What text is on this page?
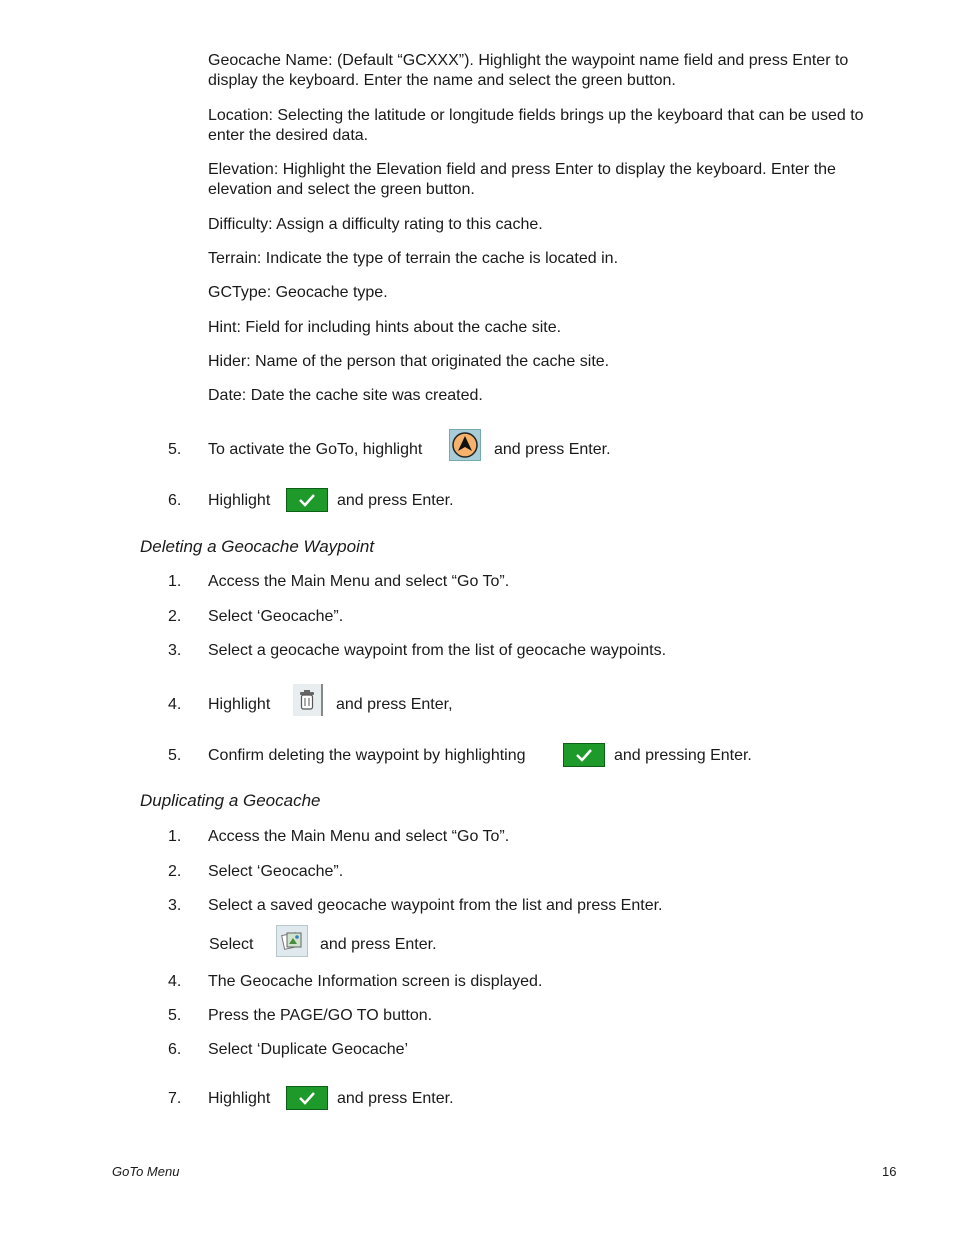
Geocache Name: (Default “GCXXX”). Highlight the waypoint name field and press Enter to display the keyboard. Enter the name and select the green button.
Location: Selecting the latitude or longitude fields brings up the keyboard that can be used to enter the desired data.
Elevation: Highlight the Elevation field and press Enter to display the keyboard. Enter the elevation and select the green button.
Difficulty: Assign a difficulty rating to this cache.
Terrain: Indicate the type of terrain the cache is located in.
GCType: Geocache type.
Hint: Field for including hints about the cache site.
Hider: Name of the person that originated the cache site.
Date: Date the cache site was created.
5. To activate the GoTo, highlight	and press Enter.
6. Highlight	and press Enter.
Deleting a Geocache Waypoint
1. Access the Main Menu and select “Go To”.
2. Select ‘Geocache”.
3. Select a geocache waypoint from the list of geocache waypoints.
4. Highlight	and press Enter,
5. Confirm deleting the waypoint by highlighting	and pressing Enter.
Duplicating a Geocache
1. Access the Main Menu and select “Go To”.
2. Select ‘Geocache”.
3. Select a saved geocache waypoint from the list and press Enter.
Select	and press Enter.
4. The Geocache Information screen is displayed.
5. Press the PAGE/GO TO button.
6. Select ‘Duplicate Geocache’
7. Highlight	and press Enter.
GoTo Menu	16
